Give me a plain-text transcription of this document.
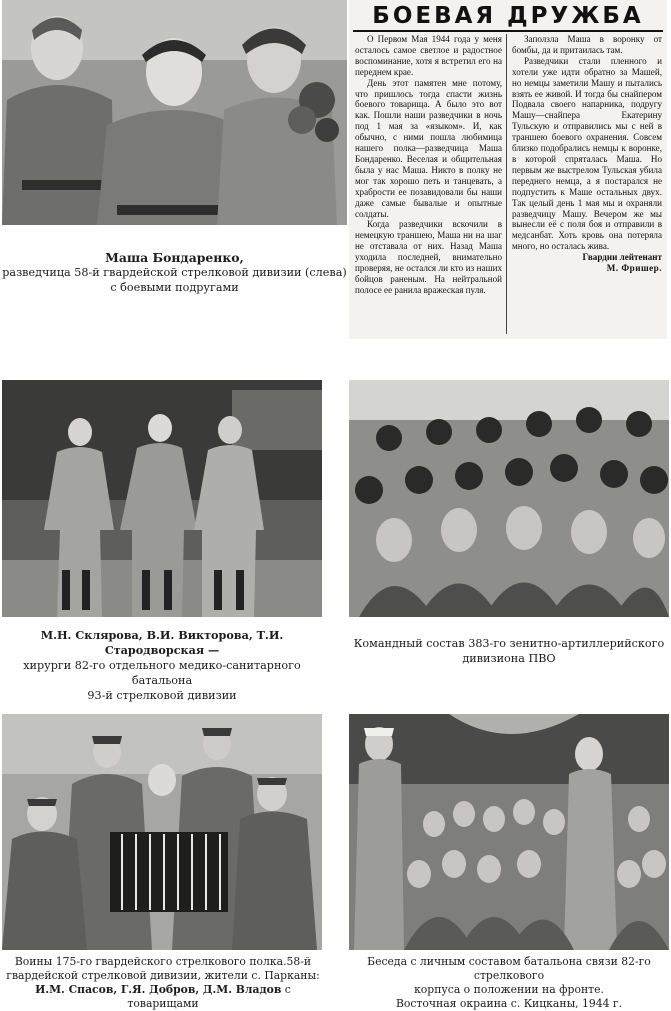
Маша Бондаренко,
разведчица 58-й гвардейской стрелковой дивизии (слева)
с боевыми подругами
БОЕВАЯ ДРУЖБА

О Первом Мая 1944 года у меня осталось самое светлое и радостное воспоминание, хотя я встретил его на переднем крае.

День этот памятен мне потому, что пришлось тогда спасти жизнь боевого товарища. А было это вот как. Пошли наши разведчики в ночь под 1 мая за «языком». И, как обычно, с ними пошла любимица нашего полка—разведчица Маша Бондаренко. Веселая и общительная была у нас Маша. Никто в полку не мог так хорошо петь и танцевать, а храбрости ее позавидовали бы наши даже самые бывалые и опытные солдаты.

Когда разведчики вскочили в немецкую траншею, Маша ни на шаг не отставала от них. Назад Маша уходила последней, внимательно проверяя, не остался ли кто из наших бойцов раненым. На нейтральной полосе ее ранила вражеская пуля.

Заползла Маша в воронку от бомбы, да и притаилась там.

Разведчики стали пленного и хотели уже идти обратно за Машей, но немцы заметили Машу и пытались взять ее живой. И тогда бы снайпером Подвала своего напарника, подругу Машу—снайпера Екатерину Тульскую и отправились мы с ней в траншею боевого охранения. Совсем близко подобрались немцы к воронке, в которой спряталась Маша. Но первым же выстрелом Тульская убила переднего немца, а я постарался не подпустить к Маше остальных двух. Так целый день 1 мая мы и охраняли разведчицу Машу. Вечером же мы вынесли её с поля боя и отправили в медсанбат. Хоть кровь она потеряла много, но осталась жива.

Гвардии лейтенант

М. Фришер.

М.Н. Склярова, В.И. Викторова, Т.И. Стародворская —
хирурги 82-го отдельного медико-санитарного батальона
93-й стрелковой дивизии
Командный состав 383-го зенитно-артиллерийского
дивизиона ПВО
Воины 175-го гвардейского стрелкового полка.58-й
гвардейской стрелковой дивизии, жители с. Парканы:
И.М. Спасов, Г.Я. Добров, Д.М. Владов с товарищами
Беседа с личным составом батальона связи 82-го стрелкового
корпуса о положении на фронте.
Восточная окраина с. Кицканы, 1944 г.
